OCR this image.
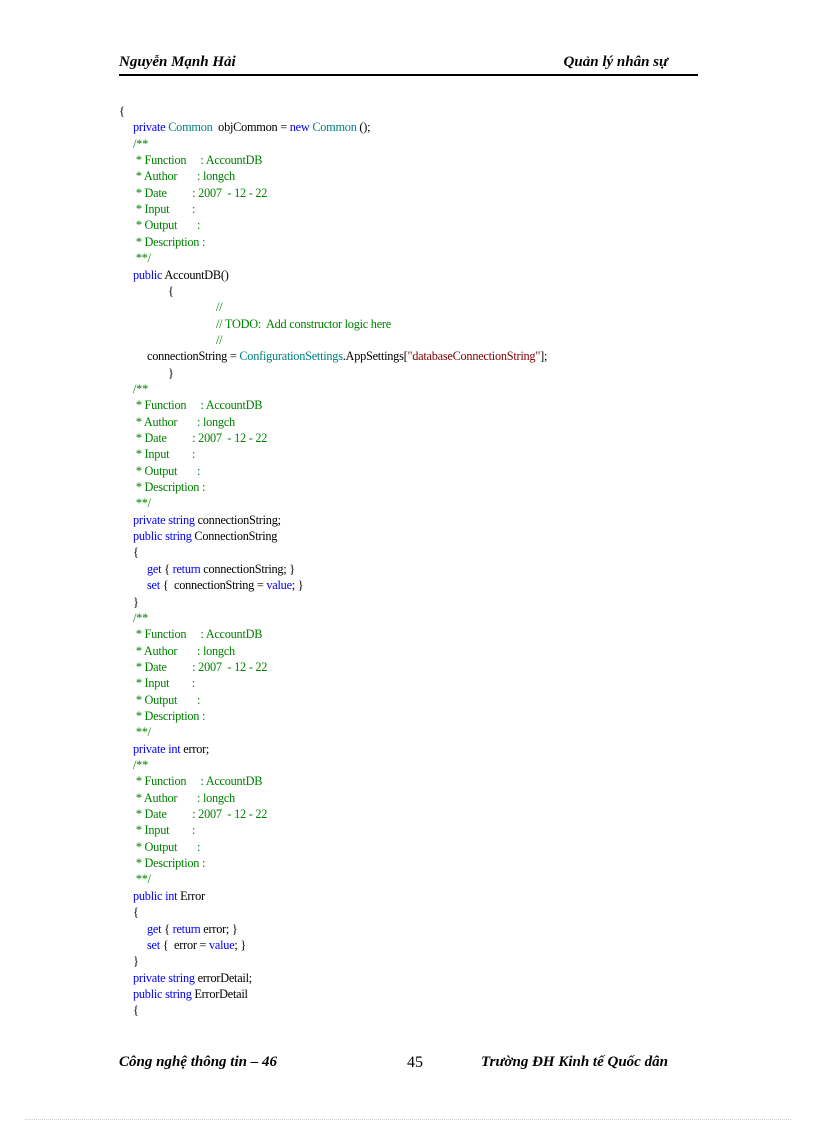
Nguyễn Mạnh Hải	Quản lý nhân sự
{
private Common  objCommon = new Common ();
/**
* Function     : AccountDB
* Author       : longch
* Date         : 2007  - 12 - 22
* Input        :
* Output       :
* Description :
**/
public AccountDB()
{
//
// TODO:  Add constructor logic here
//
connectionString = ConfigurationSettings.AppSettings["databaseConnectionString"];
}
/**
* Function     : AccountDB
* Author       : longch
* Date         : 2007  - 12 - 22
* Input        :
* Output       :
* Description :
**/
private string connectionString;
public string ConnectionString
{
get { return connectionString; }
set {  connectionString = value; }
}
/**
* Function     : AccountDB
* Author       : longch
* Date         : 2007  - 12 - 22
* Input        :
* Output       :
* Description :
**/
private int error;
/**
* Function     : AccountDB
* Author       : longch
* Date         : 2007  - 12 - 22
* Input        :
* Output       :
* Description :
**/
public int Error
{
get { return error; }
set {  error = value; }
}
private string errorDetail;
public string ErrorDetail
{
Công nghệ thông tin – 46	45	Trường ĐH Kinh tế Quốc dân
